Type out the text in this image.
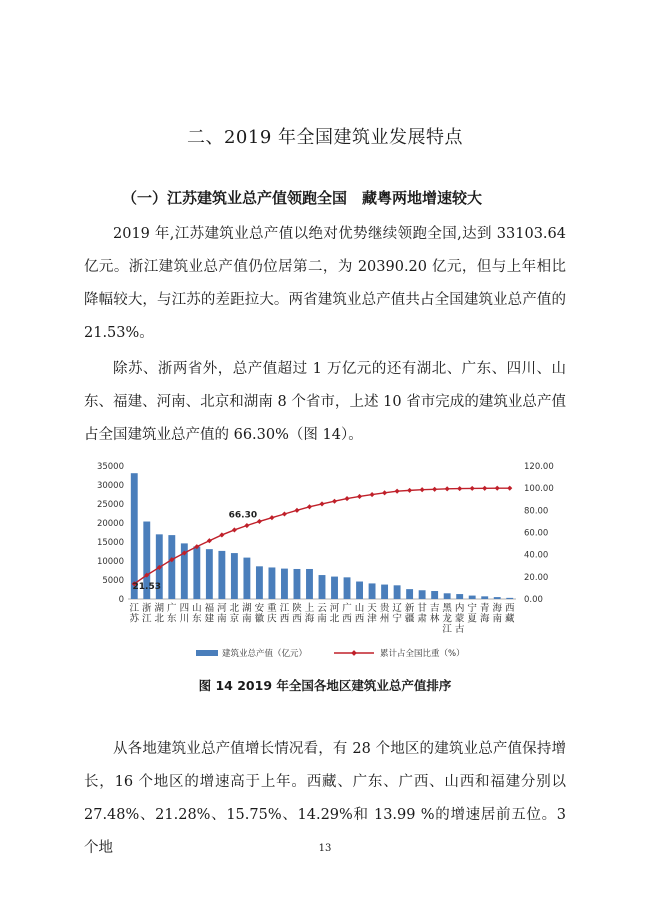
二、2019 年全国建筑业发展特点
（一）江苏建筑业总产值领跑全国　藏粤两地增速较大

2019 年,江苏建筑业总产值以绝对优势继续领跑全国,达到 33103.64 亿元。浙江建筑业总产值仍位居第二，为 20390.20 亿元，但与上年相比降幅较大，与江苏的差距拉大。两省建筑业总产值共占全国建筑业总产值的 21.53%。

除苏、浙两省外，总产值超过 1 万亿元的还有湖北、广东、四川、山东、福建、河南、北京和湖南 8 个省市，上述 10 省市完成的建筑业总产值占全国建筑业总产值的 66.30%（图 14）。

0
5000
10000
15000
20000
25000
30000
35000
0.00
20.00
40.00
60.00
80.00
100.00
120.00
江苏
浙江
湖北
广东
四川
山东
福建
河南
北京
湖南
安徽
重庆
江西
陕西
上海
云南
河北
广西
山西
天津
贵州
辽宁
新疆
甘肃
吉林
黑龙江
内蒙古
宁夏
青海
海南
西藏
21.53
66.30
建筑业总产值（亿元）	累计占全国比重（%）
图 14 2019 年全国各地区建筑业总产值排序

从各地建筑业总产值增长情况看，有 28 个地区的建筑业总产值保持增长，16 个地区的增速高于上年。西藏、广东、广西、山西和福建分别以 27.48%、21.28%、15.75%、14.29%和 13.99 %的增速居前五位。3 个地	13
